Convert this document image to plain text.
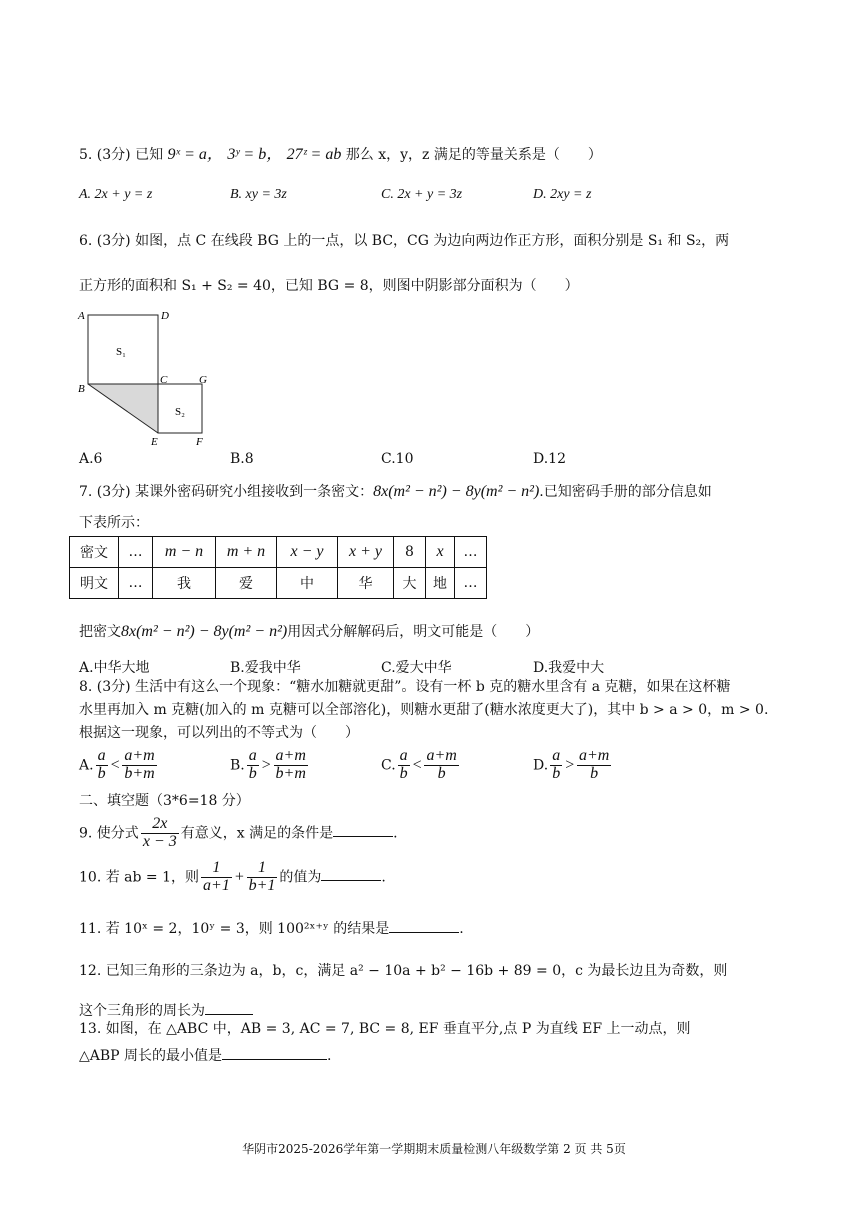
5. (3分) 已知 9ˣ = a， 3ʸ = b， 27ᶻ = ab 那么 x，y，z 满足的等量关系是（　　）
A. 2x + y = z	B. xy = 3z	C. 2x + y = 3z	D. 2xy = z
6. (3分) 如图，点 C 在线段 BG 上的一点，以 BC，CG 为边向两边作正方形，面积分别是 S₁ 和 S₂，两
正方形的面积和 S₁ + S₂ = 40，已知 BG = 8，则图中阴影部分面积为（　　）
A	D
B
C	G
E	F
S₁
S₂
A.6	B.8	C.10	D.12
7. (3分) 某课外密码研究小组接收到一条密文：8x(m² − n²) − 8y(m² − n²).已知密码手册的部分信息如
下表所示：
密文	…	m − n	m + n	x − y	x + y	8	x	…
明文	…	我	爱	中	华	大	地	…
把密文8x(m² − n²) − 8y(m² − n²)用因式分解解码后，明文可能是（　　）
A.中华大地	B.爱我中华	C.爱大中华	D.我爱中大
8. (3分) 生活中有这么一个现象：“糖水加糖就更甜”。设有一杯 b 克的糖水里含有 a 克糖，如果在这杯糖
水里再加入 m 克糖(加入的 m 克糖可以全部溶化)，则糖水更甜了(糖水浓度更大了)，其中 b > a > 0，m > 0.
根据这一现象，可以列出的不等式为（　　）
A. $\frac{a}{b} < \frac{a+m}{b+m}$	B. $\frac{a}{b} > \frac{a+m}{b+m}$	C. $\frac{a}{b} < \frac{a+m}{b}$	D. $\frac{a}{b} > \frac{a+m}{b}$
二、填空题（3*6=18 分）
9. 使分式 $\frac{2x}{x - 3}$ 有意义，x 满足的条件是	.
10. 若 ab = 1，则 $\frac{1}{a+1} + \frac{1}{b+1}$ 的值为	.
11. 若 10ˣ = 2，10ʸ = 3，则 100²ˣ⁺ʸ 的结果是	.
12. 已知三角形的三条边为 a，b，c，满足 a² − 10a + b² − 16b + 89 = 0，c 为最长边且为奇数，则
这个三角形的周长为
13. 如图，在 △ABC 中，AB = 3, AC = 7, BC = 8, EF 垂直平分,点 P 为直线 EF 上一动点，则
△ABP 周长的最小值是	.
华阴市2025-2026学年第一学期期末质量检测八年级数学第 2 页 共 5页
